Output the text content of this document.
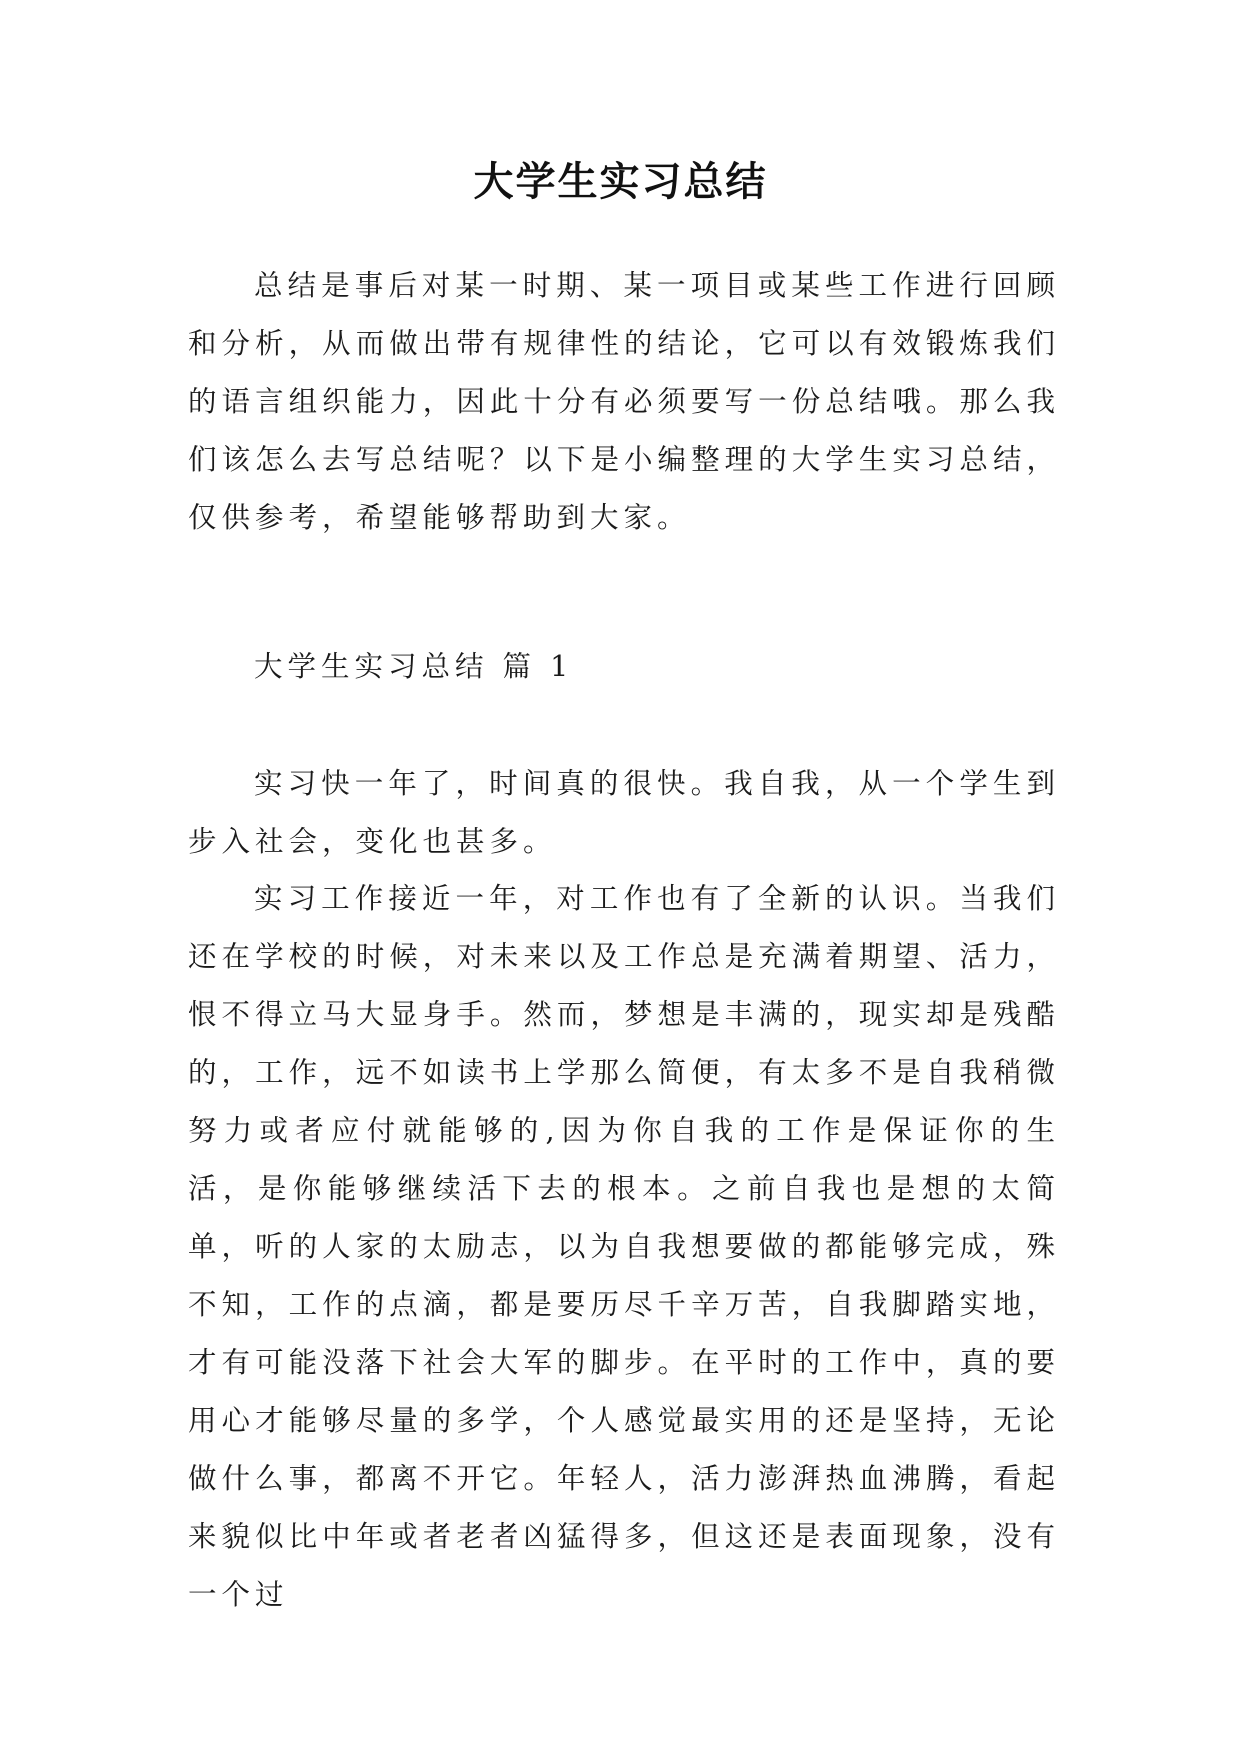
大学生实习总结

总结是事后对某一时期、某一项目或某些工作进行回顾和分析，从而做出带有规律性的结论，它可以有效锻炼我们的语言组织能力，因此十分有必须要写一份总结哦。那么我们该怎么去写总结呢？以下是小编整理的大学生实习总结，仅供参考，希望能够帮助到大家。

大学生实习总结 篇 1

实习快一年了，时间真的很快。我自我，从一个学生到步入社会，变化也甚多。

实习工作接近一年，对工作也有了全新的认识。当我们还在学校的时候，对未来以及工作总是充满着期望、活力，恨不得立马大显身手。然而，梦想是丰满的，现实却是残酷的，工作，远不如读书上学那么简便，有太多不是自我稍微努力或者应付就能够的,因为你自我的工作是保证你的生活，是你能够继续活下去的根本。之前自我也是想的太简单，听的人家的太励志，以为自我想要做的都能够完成，殊不知，工作的点滴，都是要历尽千辛万苦，自我脚踏实地，才有可能没落下社会大军的脚步。在平时的工作中，真的要用心才能够尽量的多学，个人感觉最实用的还是坚持，无论做什么事，都离不开它。年轻人，活力澎湃热血沸腾，看起来貌似比中年或者老者凶猛得多，但这还是表面现象，没有一个过
